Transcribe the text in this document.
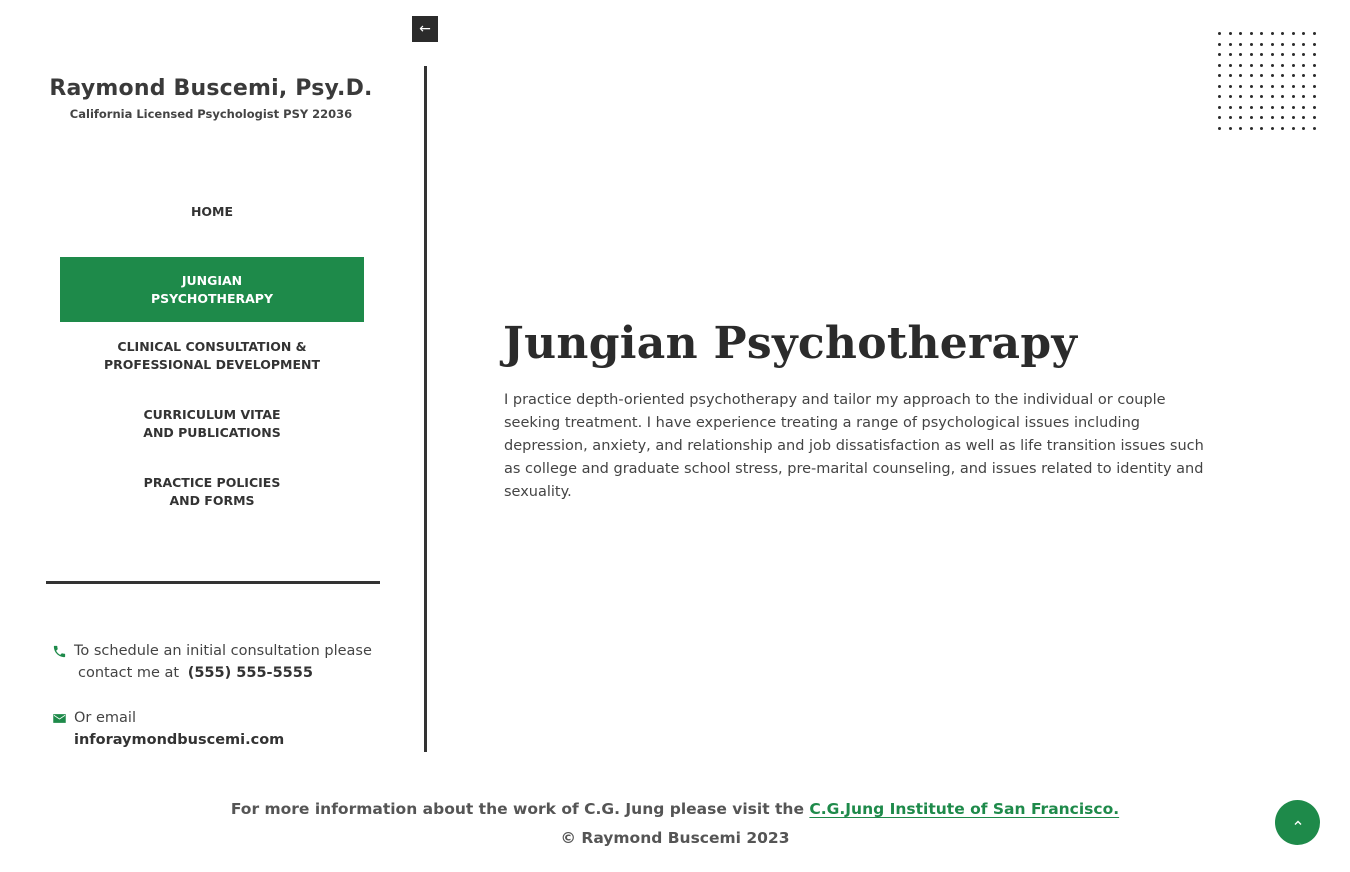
←
Raymond Buscemi, Psy.D.
California Licensed Psychologist PSY 22036
HOME
JUNGIAN
PSYCHOTHERAPY
CLINICAL CONSULTATION &
PROFESSIONAL DEVELOPMENT
CURRICULUM VITAE
AND PUBLICATIONS
PRACTICE POLICIES
AND FORMS
To schedule an initial consultation please
contact me at (555) 555-5555
Or email
inforaymondbuscemi.com
Jungian Psychotherapy

I practice depth-oriented psychotherapy and tailor my approach to the individual or couple seeking treatment. I have experience treating a range of psychological issues including depression, anxiety, and relationship and job dissatisfaction as well as life transition issues such as college and graduate school stress, pre-marital counseling, and issues related to identity and sexuality.

For more information about the work of C.G. Jung please visit the C.G.Jung Institute of San Francisco.
© Raymond Buscemi 2023
